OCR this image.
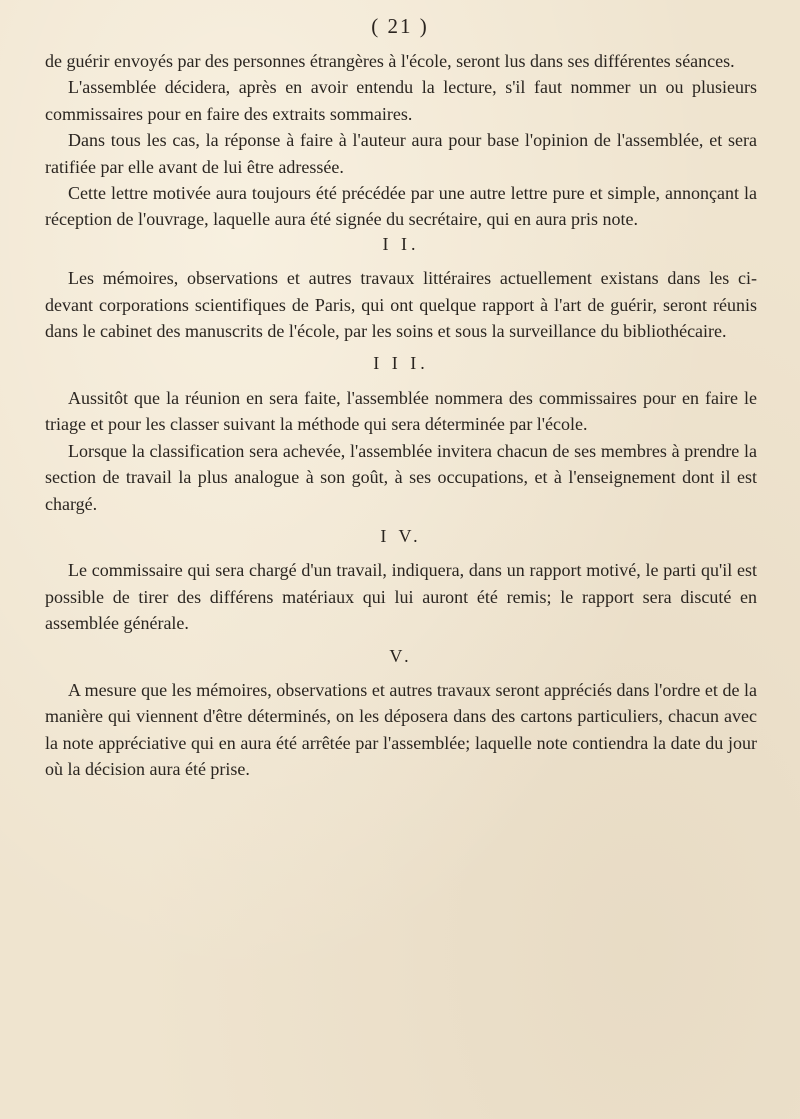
( 21 )

de guérir envoyés par des personnes étrangères à l'école, seront lus dans ses différentes séances.

L'assemblée décidera, après en avoir entendu la lecture, s'il faut nommer un ou plusieurs commissaires pour en faire des extraits sommaires.

Dans tous les cas, la réponse à faire à l'auteur aura pour base l'opinion de l'assemblée, et sera ratifiée par elle avant de lui être adressée.

Cette lettre motivée aura toujours été précédée par une autre lettre pure et simple, annonçant la réception de l'ouvrage, laquelle aura été signée du secrétaire, qui en aura pris note.

I I.

Les mémoires, observations et autres travaux littéraires actuellement existans dans les ci-devant corporations scientifiques de Paris, qui ont quelque rapport à l'art de guérir, seront réunis dans le cabinet des manuscrits de l'école, par les soins et sous la surveillance du bibliothécaire.

I I I.

Aussitôt que la réunion en sera faite, l'assemblée nommera des commissaires pour en faire le triage et pour les classer suivant la méthode qui sera déterminée par l'école.

Lorsque la classification sera achevée, l'assemblée invitera chacun de ses membres à prendre la section de travail la plus analogue à son goût, à ses occupations, et à l'enseignement dont il est chargé.

I V.

Le commissaire qui sera chargé d'un travail, indiquera, dans un rapport motivé, le parti qu'il est possible de tirer des différens matériaux qui lui auront été remis; le rapport sera discuté en assemblée générale.

V.

A mesure que les mémoires, observations et autres travaux seront appréciés dans l'ordre et de la manière qui viennent d'être déterminés, on les déposera dans des cartons particuliers, chacun avec la note appréciative qui en aura été arrêtée par l'assemblée; laquelle note contiendra la date du jour où la décision aura été prise.
